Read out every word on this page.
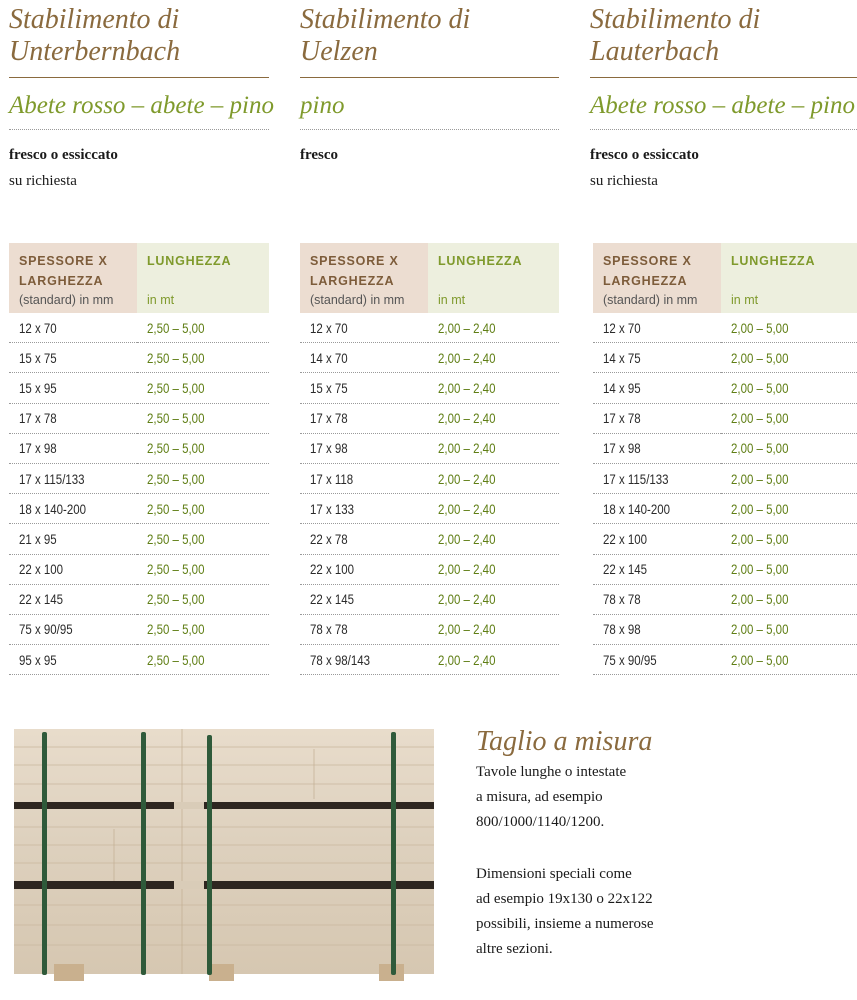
Stabilimento di
Unterbernbach
Abete rosso – abete – pino
fresco o essiccato
su richiesta
SPESSORE X
LARGHEZZA
(standard) in mm	LUNGHEZZA
in mt

12 x 70	2,50 – 5,00
15 x 75	2,50 – 5,00
15 x 95	2,50 – 5,00
17 x 78	2,50 – 5,00
17 x 98	2,50 – 5,00
17 x 115/133	2,50 – 5,00
18 x 140-200	2,50 – 5,00
21 x 95	2,50 – 5,00
22 x 100	2,50 – 5,00
22 x 145	2,50 – 5,00
75 x 90/95	2,50 – 5,00
95 x 95	2,50 – 5,00
Stabilimento di
Uelzen
pino
fresco
SPESSORE X
LARGHEZZA
(standard) in mm	LUNGHEZZA
in mt

12 x 70	2,00 – 2,40
14 x 70	2,00 – 2,40
15 x 75	2,00 – 2,40
17 x 78	2,00 – 2,40
17 x 98	2,00 – 2,40
17 x 118	2,00 – 2,40
17 x 133	2,00 – 2,40
22 x 78	2,00 – 2,40
22 x 100	2,00 – 2,40
22 x 145	2,00 – 2,40
78 x 78	2,00 – 2,40
78 x 98/143	2,00 – 2,40
Stabilimento di
Lauterbach
Abete rosso – abete – pino
fresco o essiccato
su richiesta
SPESSORE X
LARGHEZZA
(standard) in mm	LUNGHEZZA
in mt

12 x 70	2,00 – 5,00
14 x 75	2,00 – 5,00
14 x 95	2,00 – 5,00
17 x 78	2,00 – 5,00
17 x 98	2,00 – 5,00
17 x 115/133	2,00 – 5,00
18 x 140-200	2,00 – 5,00
22 x 100	2,00 – 5,00
22 x 145	2,00 – 5,00
78 x 78	2,00 – 5,00
78 x 98	2,00 – 5,00
75 x 90/95	2,00 – 5,00
Taglio a misura
Tavole lunghe o intestate
a misura, ad esempio
800/1000/1140/1200.
Dimensioni speciali come
ad esempio 19x130 o 22x122
possibili, insieme a numerose
altre sezioni.
